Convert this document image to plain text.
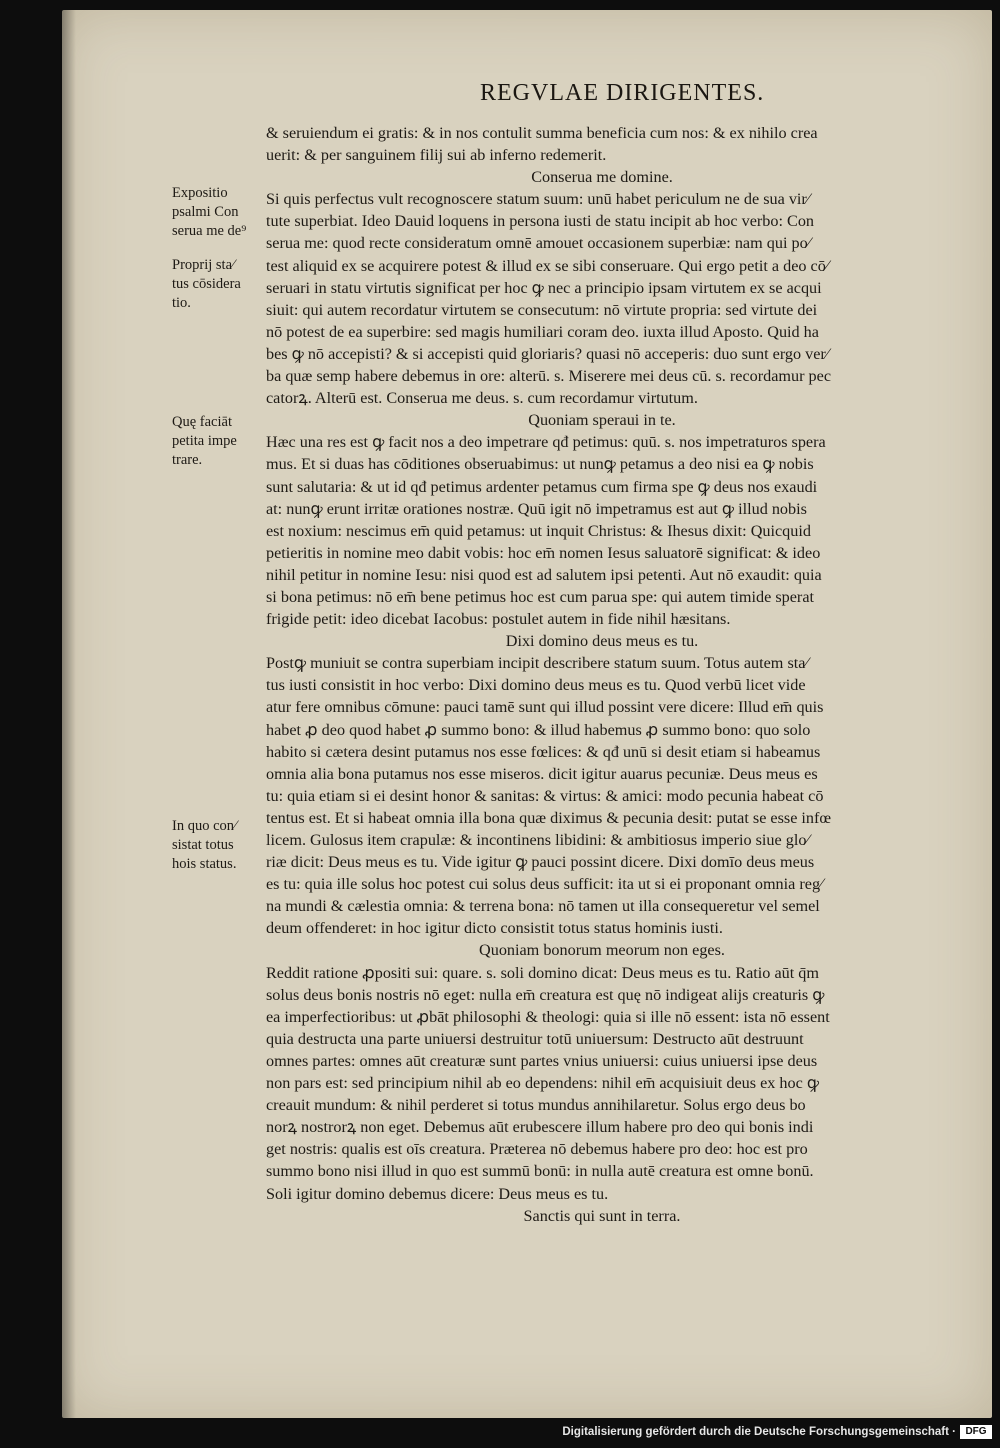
REGVLAE DIRIGENTES.
Expositio
psalmi Con
serua me de⁹
Proprij sta⁄
tus cōsidera
tio.
Quę faciāt
petita impe
trare.
In quo con⁄
sistat totus
hois status.
& seruiendum ei gratis: & in nos contulit summa beneficia cum nos: & ex nihilo crea
uerit: & per sanguinem filij sui ab inferno redemerit.
Conserua me domine.
Si quis perfectus vult recognoscere statum suum: unū habet periculum ne de sua vir⁄
tute superbiat. Ideo Dauid loquens in persona iusti de statu incipit ab hoc verbo: Con
serua me: quod recte consideratum omnē amouet occasionem superbiæ: nam qui po⁄
test aliquid ex se acquirere potest & illud ex se sibi conseruare. Qui ergo petit a deo cō⁄
seruari in statu virtutis significat per hoc ꝙ nec a principio ipsam virtutem ex se acqui
siuit: qui autem recordatur virtutem se consecutum: nō virtute propria: sed virtute dei
nō potest de ea superbire: sed magis humiliari coram deo. iuxta illud Aposto. Quid ha
bes ꝙ nō accepisti? & si accepisti quid gloriaris? quasi nō acceperis: duo sunt ergo ver⁄
ba quæ semp habere debemus in ore: alterū. s. Miserere mei deus cū. s. recordamur pec
catorꝝ. Alterū est. Conserua me deus. s. cum recordamur virtutum.
Quoniam speraui in te.
Hæc una res est ꝙ facit nos a deo impetrare qđ petimus: quū. s. nos impetraturos spera
mus. Et si duas has cōditiones obseruabimus: ut nunꝙ petamus a deo nisi ea ꝙ nobis
sunt salutaria: & ut id qđ petimus ardenter petamus cum firma spe ꝙ deus nos exaudi
at: nunꝙ erunt irritæ orationes nostræ. Quū igit nō impetramus est aut ꝙ illud nobis
est noxium: nescimus em̄ quid petamus: ut inquit Christus: & Ihesus dixit: Quicquid
petieritis in nomine meo dabit vobis: hoc em̄ nomen Iesus saluatorē significat: & ideo
nihil petitur in nomine Iesu: nisi quod est ad salutem ipsi petenti. Aut nō exaudit: quia
si bona petimus: nō em̄ bene petimus hoc est cum parua spe: qui autem timide sperat
frigide petit: ideo dicebat Iacobus: postulet autem in fide nihil hæsitans.
Dixi domino deus meus es tu.
Postꝙ muniuit se contra superbiam incipit describere statum suum. Totus autem sta⁄
tus iusti consistit in hoc verbo: Dixi domino deus meus es tu. Quod verbū licet vide
atur fere omnibus cōmune: pauci tamē sunt qui illud possint vere dicere: Illud em̄ quis
habet ꝓ deo quod habet ꝓ summo bono: & illud habemus ꝓ summo bono: quo solo
habito si cætera desint putamus nos esse fœlices: & qđ unū si desit etiam si habeamus
omnia alia bona putamus nos esse miseros. dicit igitur auarus pecuniæ. Deus meus es
tu: quia etiam si ei desint honor & sanitas: & virtus: & amici: modo pecunia habeat cō
tentus est. Et si habeat omnia illa bona quæ diximus & pecunia desit: putat se esse infœ
licem. Gulosus item crapulæ: & incontinens libidini: & ambitiosus imperio siue glo⁄
riæ dicit: Deus meus es tu. Vide igitur ꝙ pauci possint dicere. Dixi domīo deus meus
es tu: quia ille solus hoc potest cui solus deus sufficit: ita ut si ei proponant omnia reg⁄
na mundi & cælestia omnia: & terrena bona: nō tamen ut illa consequeretur vel semel
deum offenderet: in hoc igitur dicto consistit totus status hominis iusti.
Quoniam bonorum meorum non eges.
Reddit ratione ꝓpositi sui: quare. s. soli domino dicat: Deus meus es tu. Ratio aūt q̄m
solus deus bonis nostris nō eget: nulla em̄ creatura est quę nō indigeat alijs creaturis ꝙ
ea imperfectioribus: ut ꝓbāt philosophi & theologi: quia si ille nō essent: ista nō essent
quia destructa una parte uniuersi destruitur totū uniuersum: Destructo aūt destruunt
omnes partes: omnes aūt creaturæ sunt partes vnius uniuersi: cuius uniuersi ipse deus
non pars est: sed principium nihil ab eo dependens: nihil em̄ acquisiuit deus ex hoc ꝙ
creauit mundum: & nihil perderet si totus mundus annihilaretur. Solus ergo deus bo
norꝝ nostrorꝝ non eget. Debemus aūt erubescere illum habere pro deo qui bonis indi
get nostris: qualis est oīs creatura. Præterea nō debemus habere pro deo: hoc est pro
summo bono nisi illud in quo est summū bonū: in nulla autē creatura est omne bonū.
Soli igitur domino debemus dicere: Deus meus es tu.
Sanctis qui sunt in terra.
Digitalisierung gefördert durch die Deutsche Forschungsgemeinschaft · DFG
